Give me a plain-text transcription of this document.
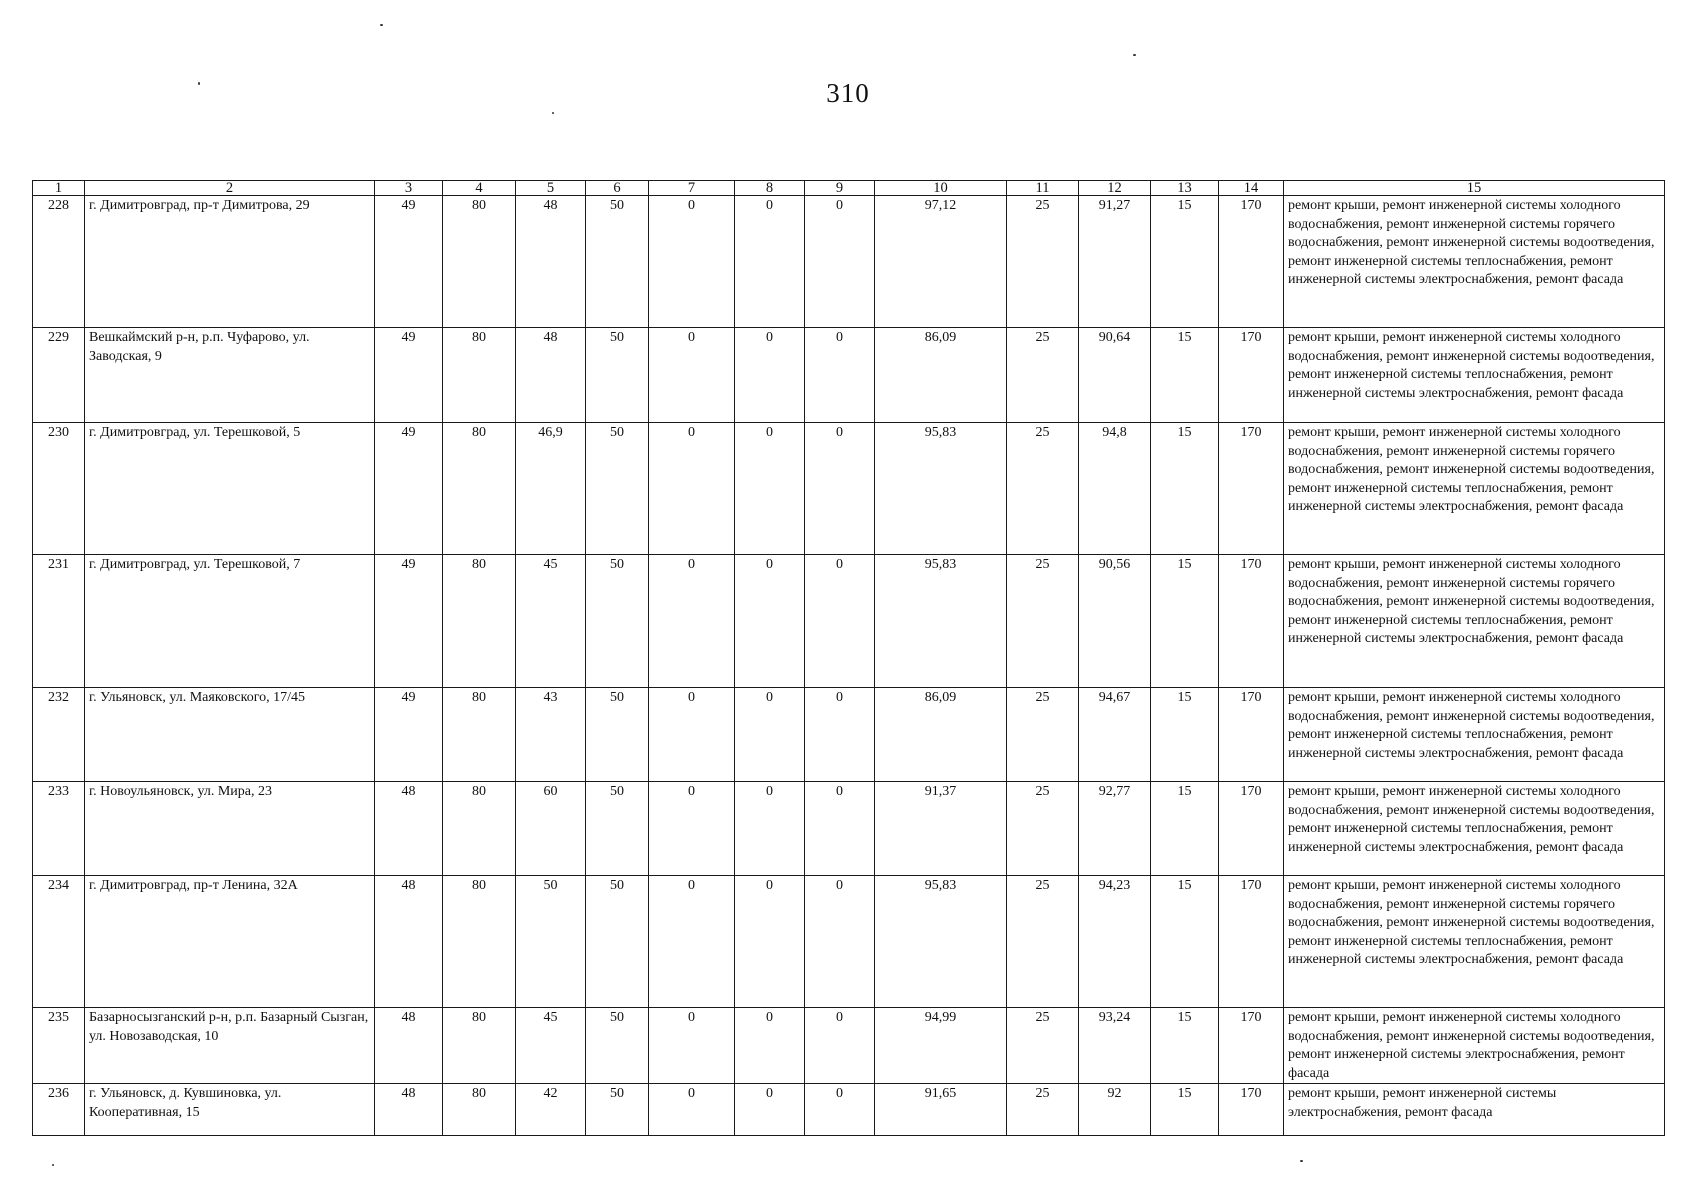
310
1	2	3	4	5	6	7	8	9	10	11	12	13	14	15
228	г. Димитровград, пр-т Димитрова, 29	49	80	48	50	0	0	0	97,12	25	91,27	15	170	ремонт крыши, ремонт инженерной системы холодного водоснабжения, ремонт инженерной системы горячего водоснабжения, ремонт инженерной системы водоотведения, ремонт инженерной системы теплоснабжения, ремонт инженерной системы электроснабжения, ремонт фасада
229	Вешкаймский р-н, р.п. Чуфарово, ул. Заводская, 9	49	80	48	50	0	0	0	86,09	25	90,64	15	170	ремонт крыши, ремонт инженерной системы холодного водоснабжения, ремонт инженерной системы водоотведения, ремонт инженерной системы теплоснабжения, ремонт инженерной системы электроснабжения, ремонт фасада
230	г. Димитровград, ул. Терешковой, 5	49	80	46,9	50	0	0	0	95,83	25	94,8	15	170	ремонт крыши, ремонт инженерной системы холодного водоснабжения, ремонт инженерной системы горячего водоснабжения, ремонт инженерной системы водоотведения, ремонт инженерной системы теплоснабжения, ремонт инженерной системы электроснабжения, ремонт фасада
231	г. Димитровград, ул. Терешковой, 7	49	80	45	50	0	0	0	95,83	25	90,56	15	170	ремонт крыши, ремонт инженерной системы холодного водоснабжения, ремонт инженерной системы горячего водоснабжения, ремонт инженерной системы водоотведения, ремонт инженерной системы теплоснабжения, ремонт инженерной системы электроснабжения, ремонт фасада
232	г. Ульяновск, ул. Маяковского, 17/45	49	80	43	50	0	0	0	86,09	25	94,67	15	170	ремонт крыши, ремонт инженерной системы холодного водоснабжения, ремонт инженерной системы водоотведения, ремонт инженерной системы теплоснабжения, ремонт инженерной системы электроснабжения, ремонт фасада
233	г. Новоульяновск, ул. Мира, 23	48	80	60	50	0	0	0	91,37	25	92,77	15	170	ремонт крыши, ремонт инженерной системы холодного водоснабжения, ремонт инженерной системы водоотведения, ремонт инженерной системы теплоснабжения, ремонт инженерной системы электроснабжения, ремонт фасада
234	г. Димитровград, пр-т Ленина, 32А	48	80	50	50	0	0	0	95,83	25	94,23	15	170	ремонт крыши, ремонт инженерной системы холодного водоснабжения, ремонт инженерной системы горячего водоснабжения, ремонт инженерной системы водоотведения, ремонт инженерной системы теплоснабжения, ремонт инженерной системы электроснабжения, ремонт фасада
235	Базарносызганский р-н, р.п. Базарный Сызган, ул. Новозаводская, 10	48	80	45	50	0	0	0	94,99	25	93,24	15	170	ремонт крыши, ремонт инженерной системы холодного водоснабжения, ремонт инженерной системы водоотведения, ремонт инженерной системы электроснабжения, ремонт фасада
236	г. Ульяновск, д. Кувшиновка, ул. Кооперативная, 15	48	80	42	50	0	0	0	91,65	25	92	15	170	ремонт крыши, ремонт инженерной системы электроснабжения, ремонт фасада
